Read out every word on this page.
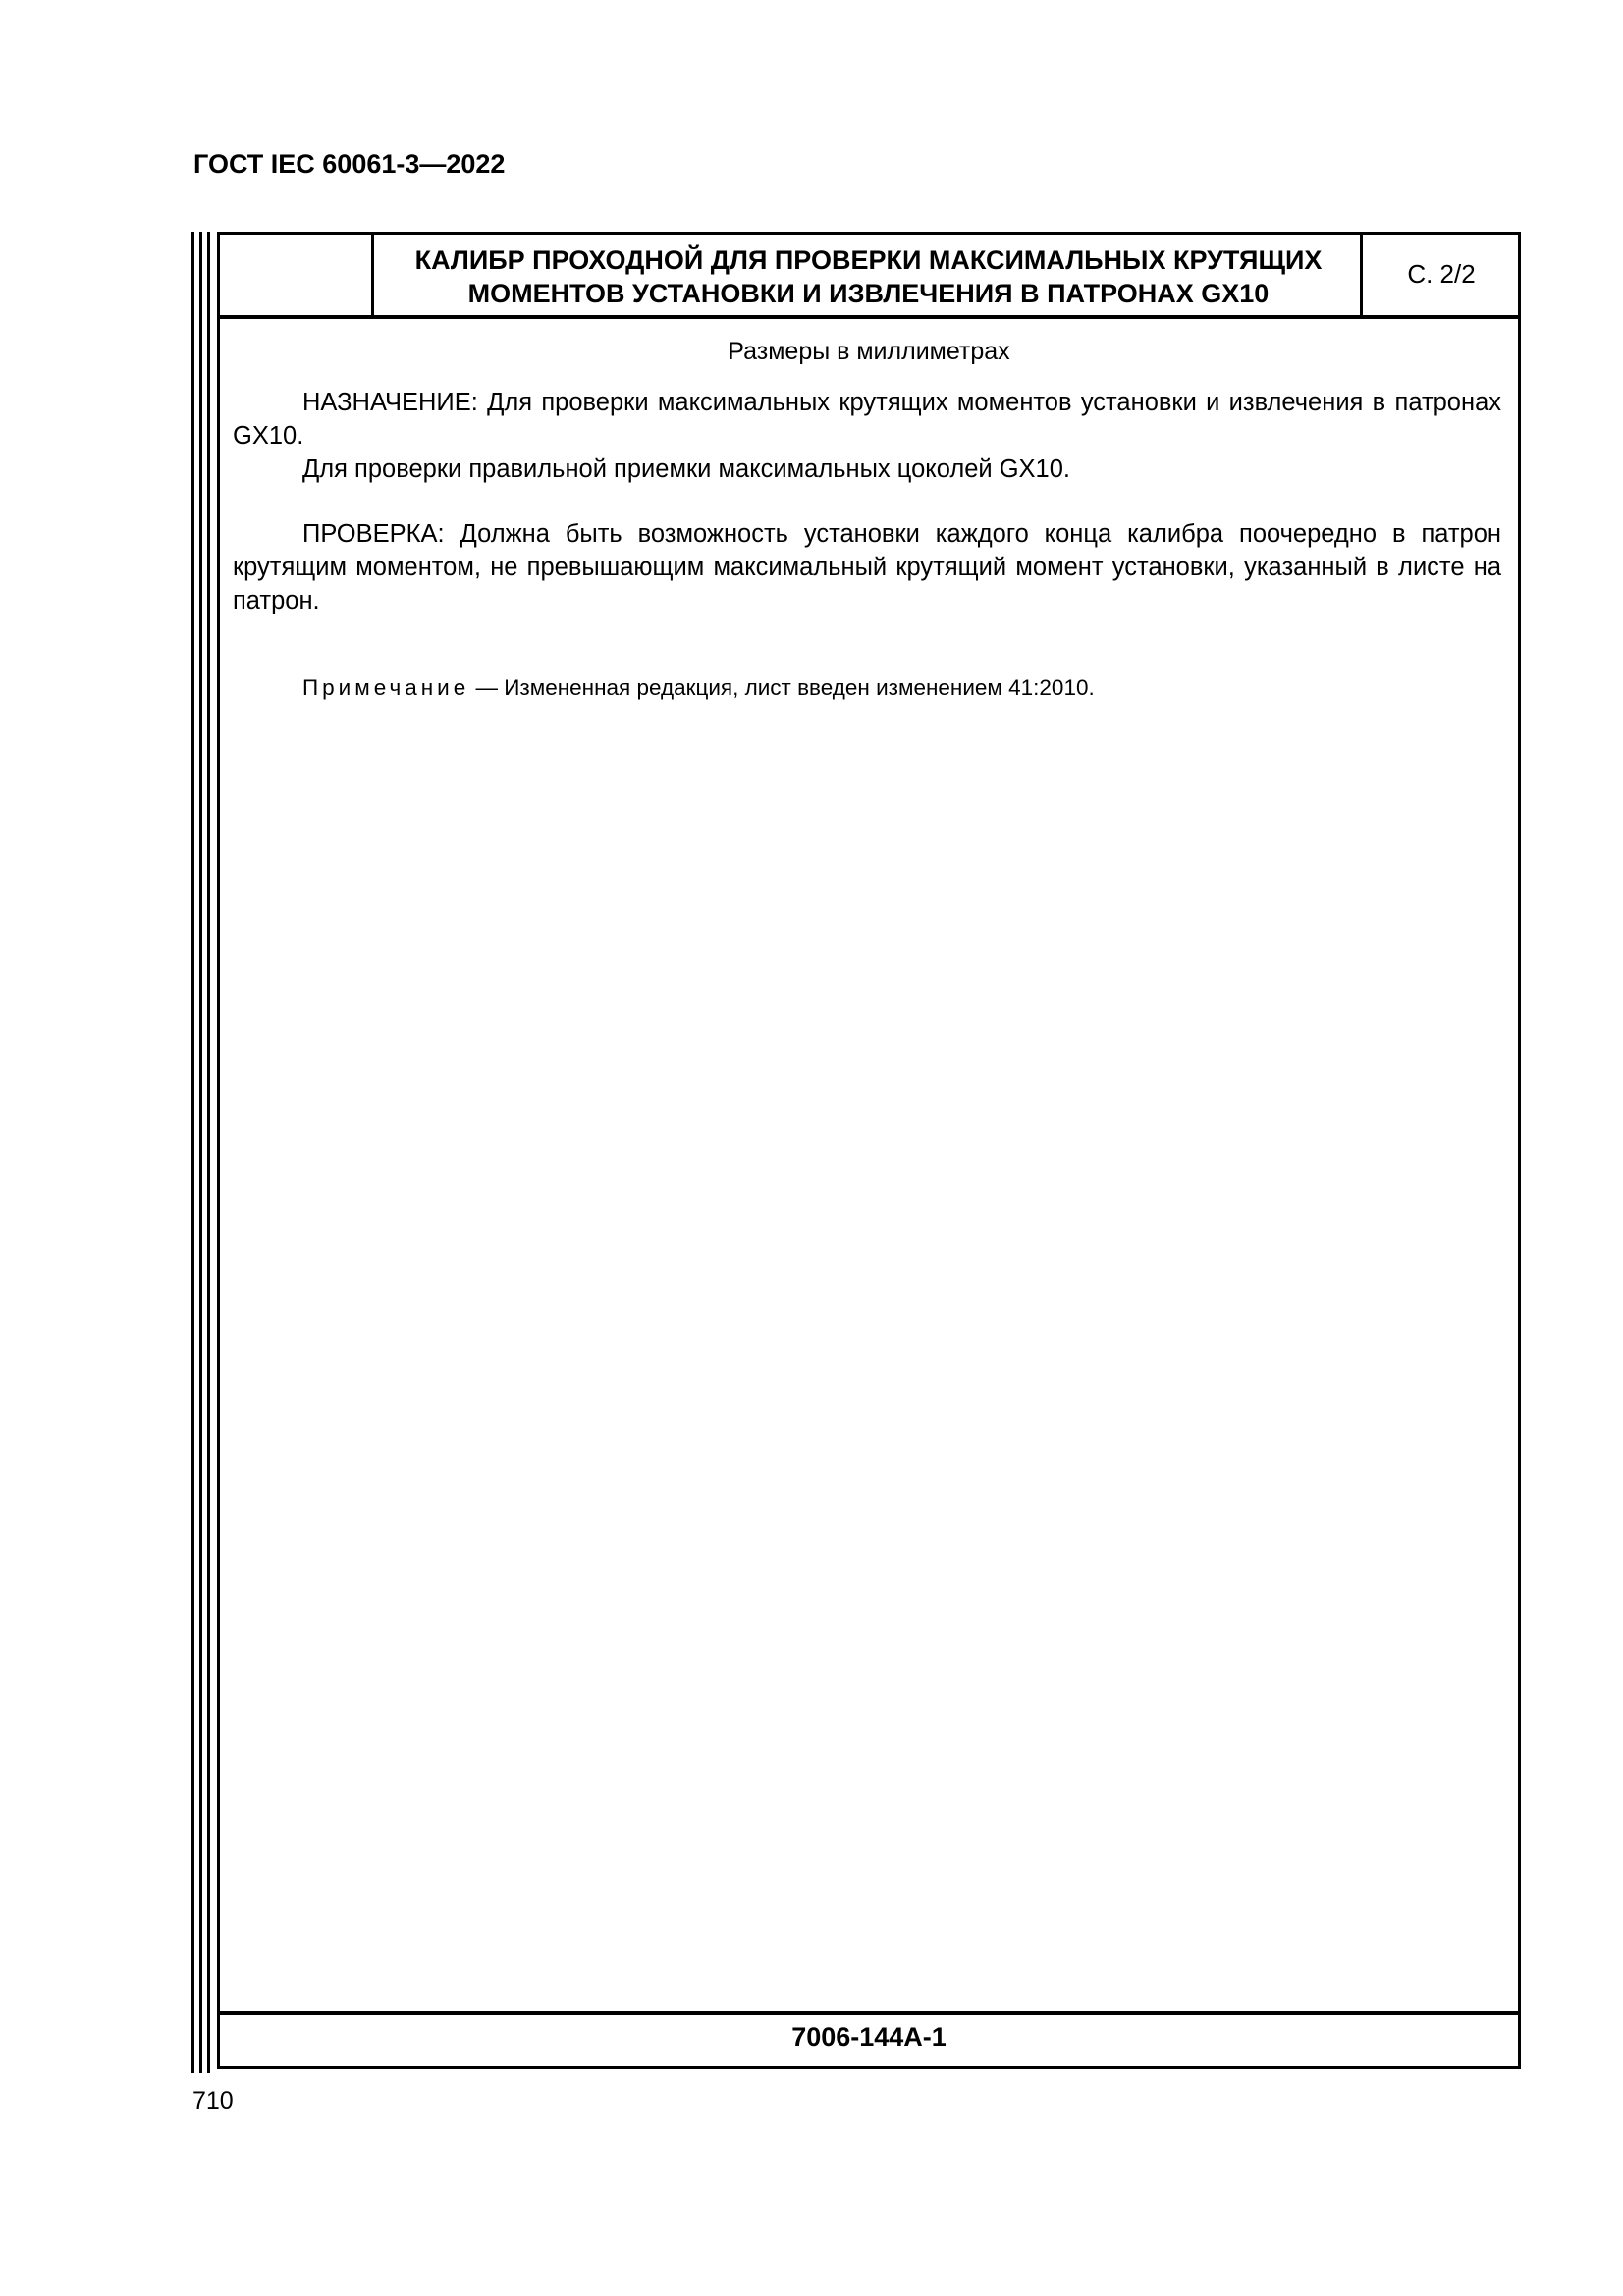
ГОСТ IEC 60061-3—2022
КАЛИБР ПРОХОДНОЙ ДЛЯ ПРОВЕРКИ МАКСИМАЛЬНЫХ КРУТЯЩИХ
МОМЕНТОВ УСТАНОВКИ И ИЗВЛЕЧЕНИЯ В ПАТРОНАХ GX10
С. 2/2
Размеры в миллиметрах

НАЗНАЧЕНИЕ: Для проверки максимальных крутящих моментов установки и извлечения в патронах GX10.

Для проверки правильной приемки максимальных цоколей GX10.

ПРОВЕРКА: Должна быть возможность установки каждого конца калибра поочередно в патрон крутящим моментом, не превышающим максимальный крутящий момент установки, указанный в листе на патрон.

Примечание — Измененная редакция, лист введен изменением 41:2010.
7006-144A-1
710
